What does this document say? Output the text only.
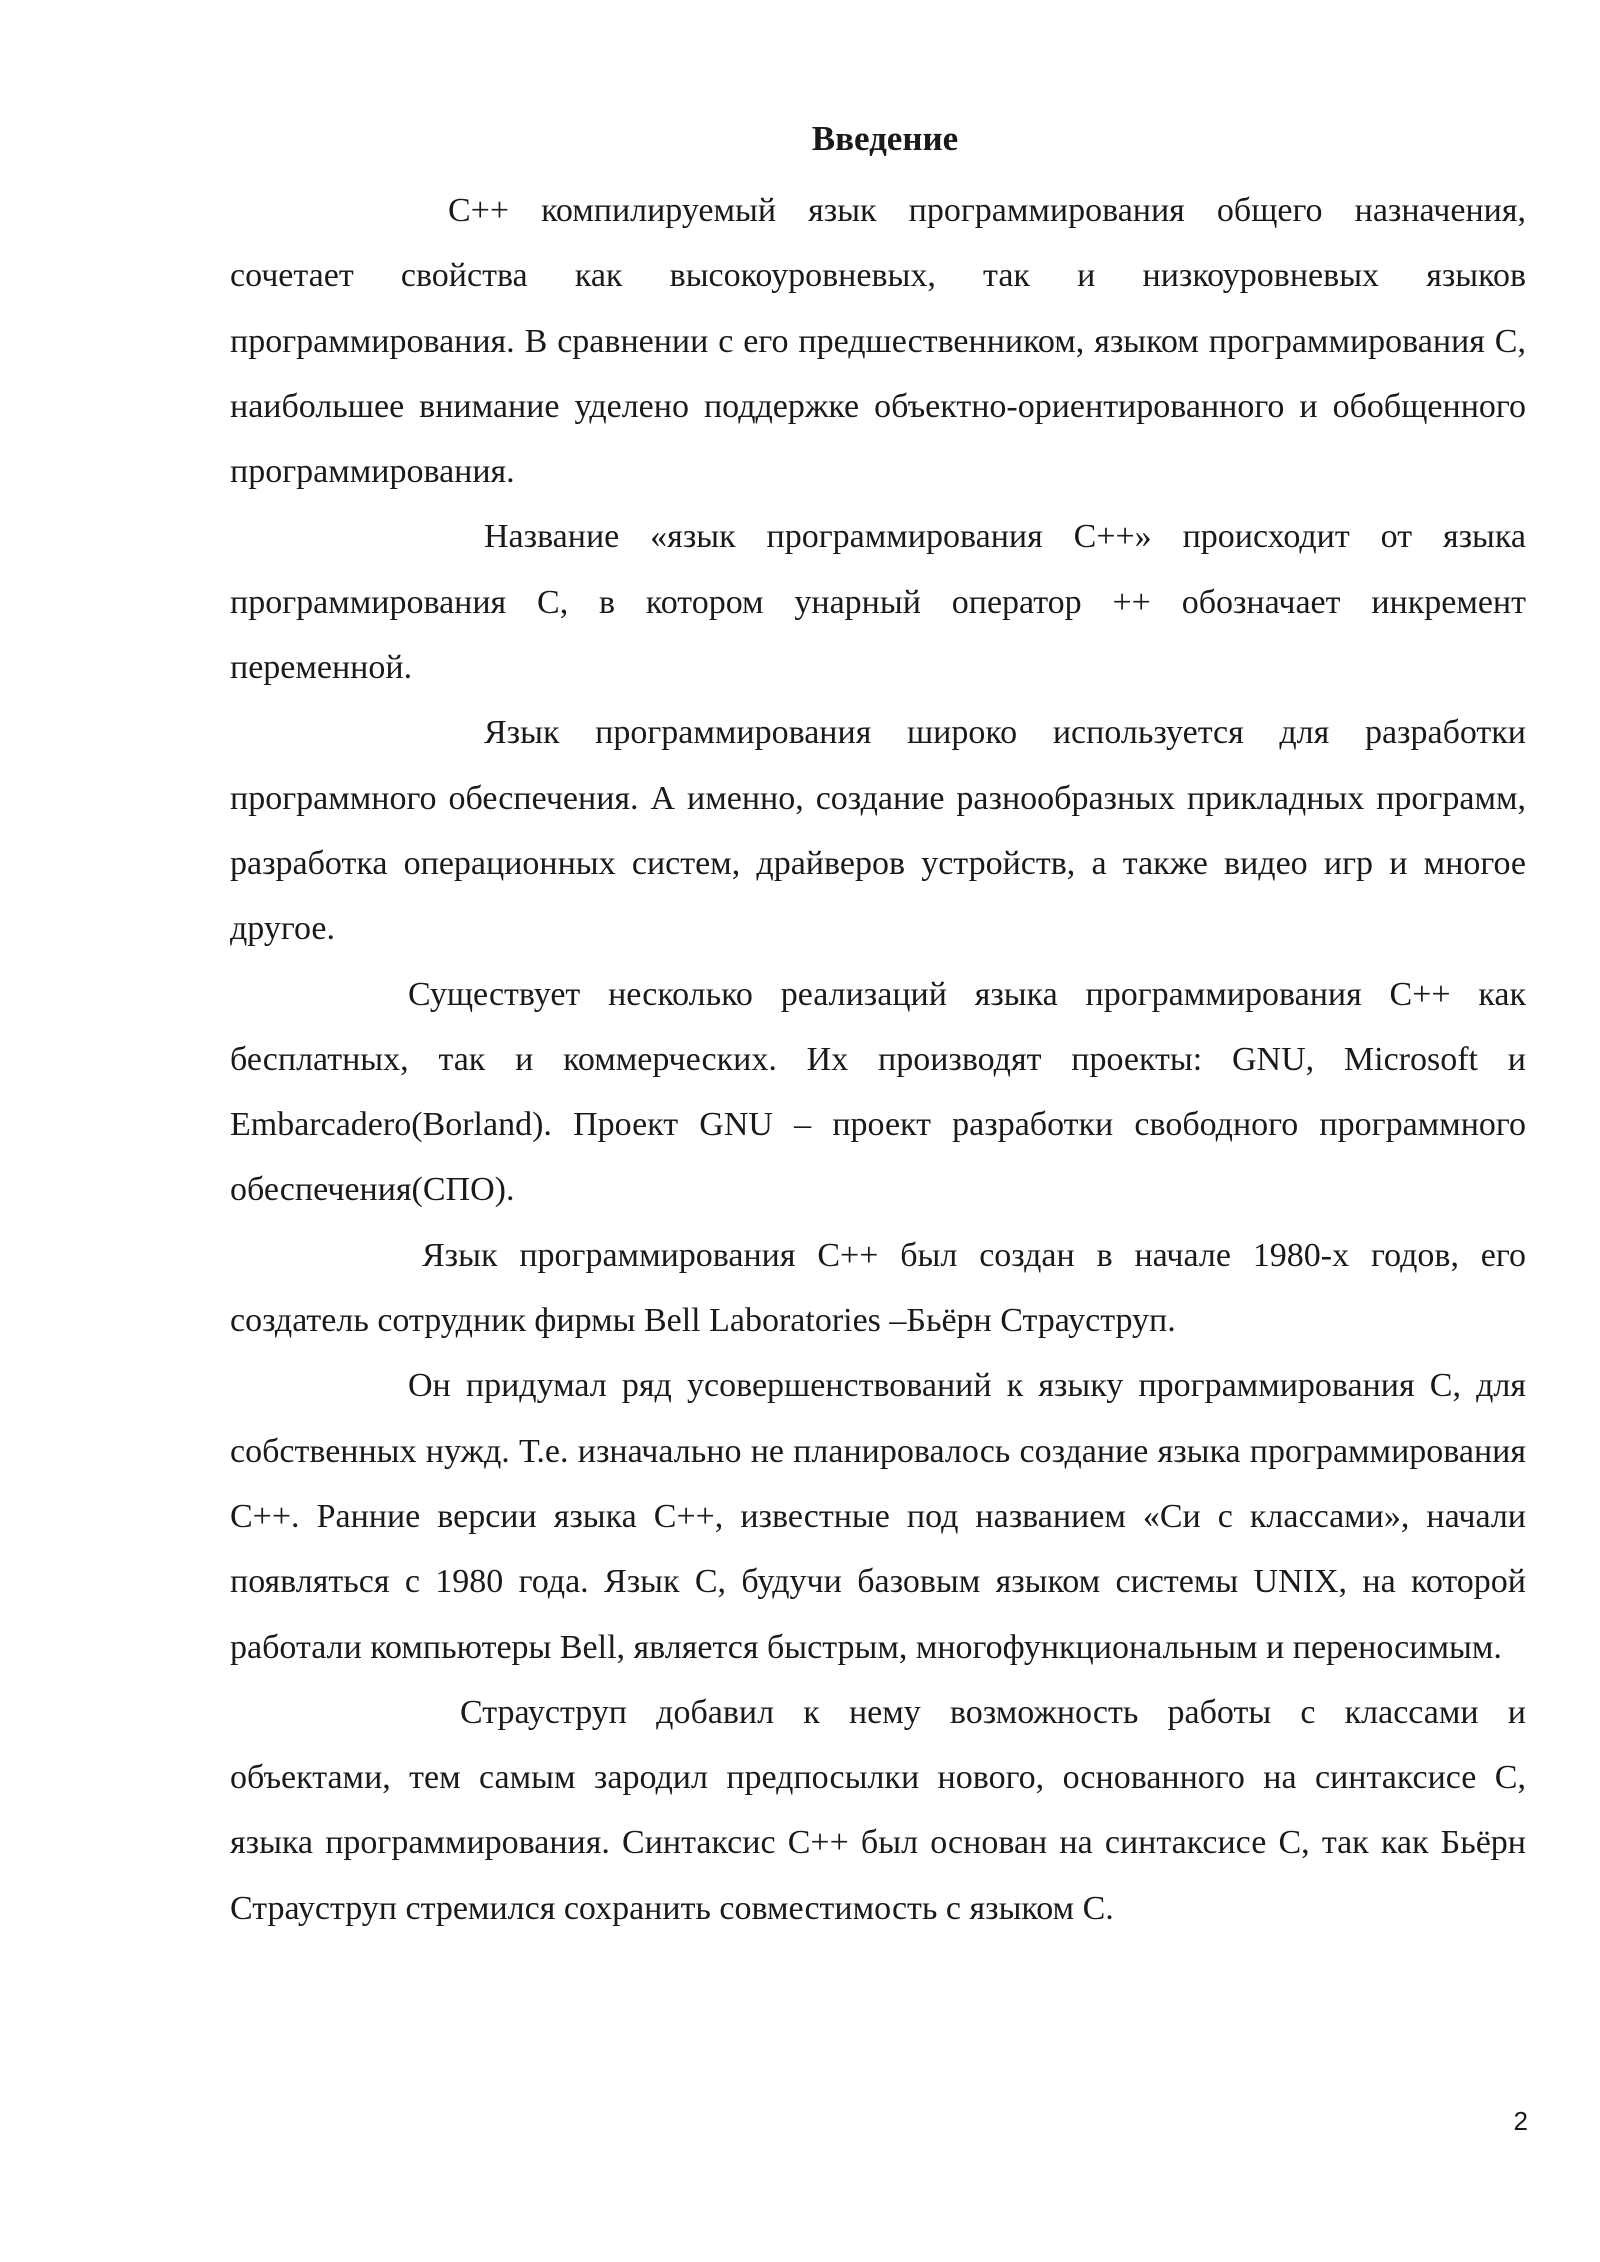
Введение

С++ компилируемый язык программирования общего назначения, сочетает свойства как высокоуровневых, так и низкоуровневых языков программирования. В сравнении с его предшественником, языком программирования C, наибольшее внимание уделено поддержке объектно-ориентированного и обобщенного программирования.

Название «язык программирования С++» происходит от языка программирования С, в котором унарный оператор ++ обозначает инкремент переменной.

Язык программирования широко используется для разработки программного обеспечения. А именно, создание разнообразных прикладных программ, разработка операционных систем, драйверов устройств, а также видео игр и многое другое.

Существует несколько реализаций языка программирования С++ как бесплатных, так и коммерческих. Их производят проекты: GNU, Microsoft и Embarcadero(Borland). Проект GNU – проект разработки свободного программного обеспечения(СПО).

Язык программирования С++ был создан в начале 1980-х годов, его создатель сотрудник фирмы Bell Laboratories –Бьёрн Страуструп.

Он придумал ряд усовершенствований к языку программирования C, для собственных нужд. Т.е. изначально не планировалось создание языка программирования С++. Ранние версии языка С++, известные под названием «Си с классами», начали появляться с 1980 года. Язык C, будучи базовым языком системы UNIX, на которой работали компьютеры Bell, является быстрым, многофункциональным и переносимым.

Страуструп добавил к нему возможность работы с классами и объектами, тем самым зародил предпосылки нового, основанного на синтаксисе C, языка программирования. Синтаксис C++ был основан на синтаксисе C, так как Бьёрн Страуструп стремился сохранить совместимость с языком C.

2
